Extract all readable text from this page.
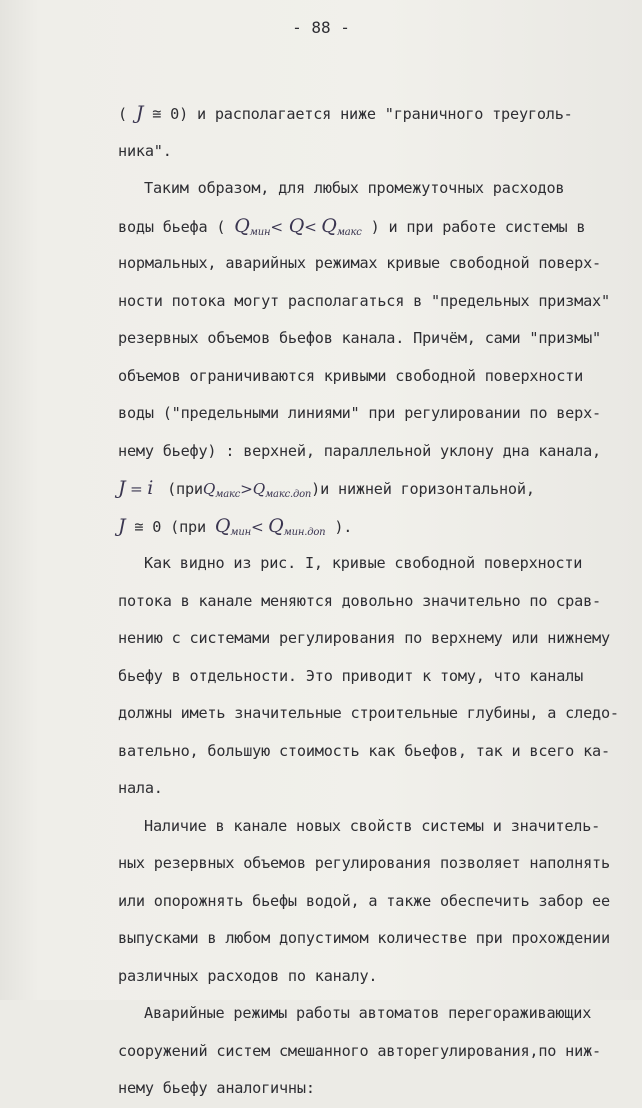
- 88 -
( J ≅ 0) и располагается ниже "граничного треуголь-
ника".
Таким образом, для любых промежуточных расходов
воды бьефа ( $Q_{мин}< Q< Q_{макс}$ ) и при работе системы в
нормальных, аварийных режимах кривые свободной поверх-
ности потока могут располагаться в "предельных призмах"
резервных объемов бьефов канала. Причём, сами "призмы"
объемов ограничиваются кривыми свободной поверхности
воды ("предельными линиями" при регулировании по верх-
нему бьефу) : верхней, параллельной уклону дна канала,
J = i $(приQ_{макс}>Q_{макс.доп})и$ нижней горизонтальной,
J ≅ 0 (при $Q_{мин}< Q_{мин.доп}$ ).
Как видно из рис. I, кривые свободной поверхности
потока в канале меняются довольно значительно по срав-
нению с системами регулирования по верхнему или нижнему
бьефу в отдельности. Это приводит к тому, что каналы
должны иметь значительные строительные глубины, а следо-
вательно, большую стоимость как бьефов, так и всего ка-
нала.
Наличие в канале новых свойств системы и значитель-
ных резервных объемов регулирования позволяет наполнять
или опорожнять бьефы водой, а также обеспечить забор ее
выпусками в любом допустимом количестве при прохождении
различных расходов по каналу.
Аварийные режимы работы автоматов перегораживающих
сооружений систем смешанного авторегулирования,по ниж-
нему бьефу аналогичны:
